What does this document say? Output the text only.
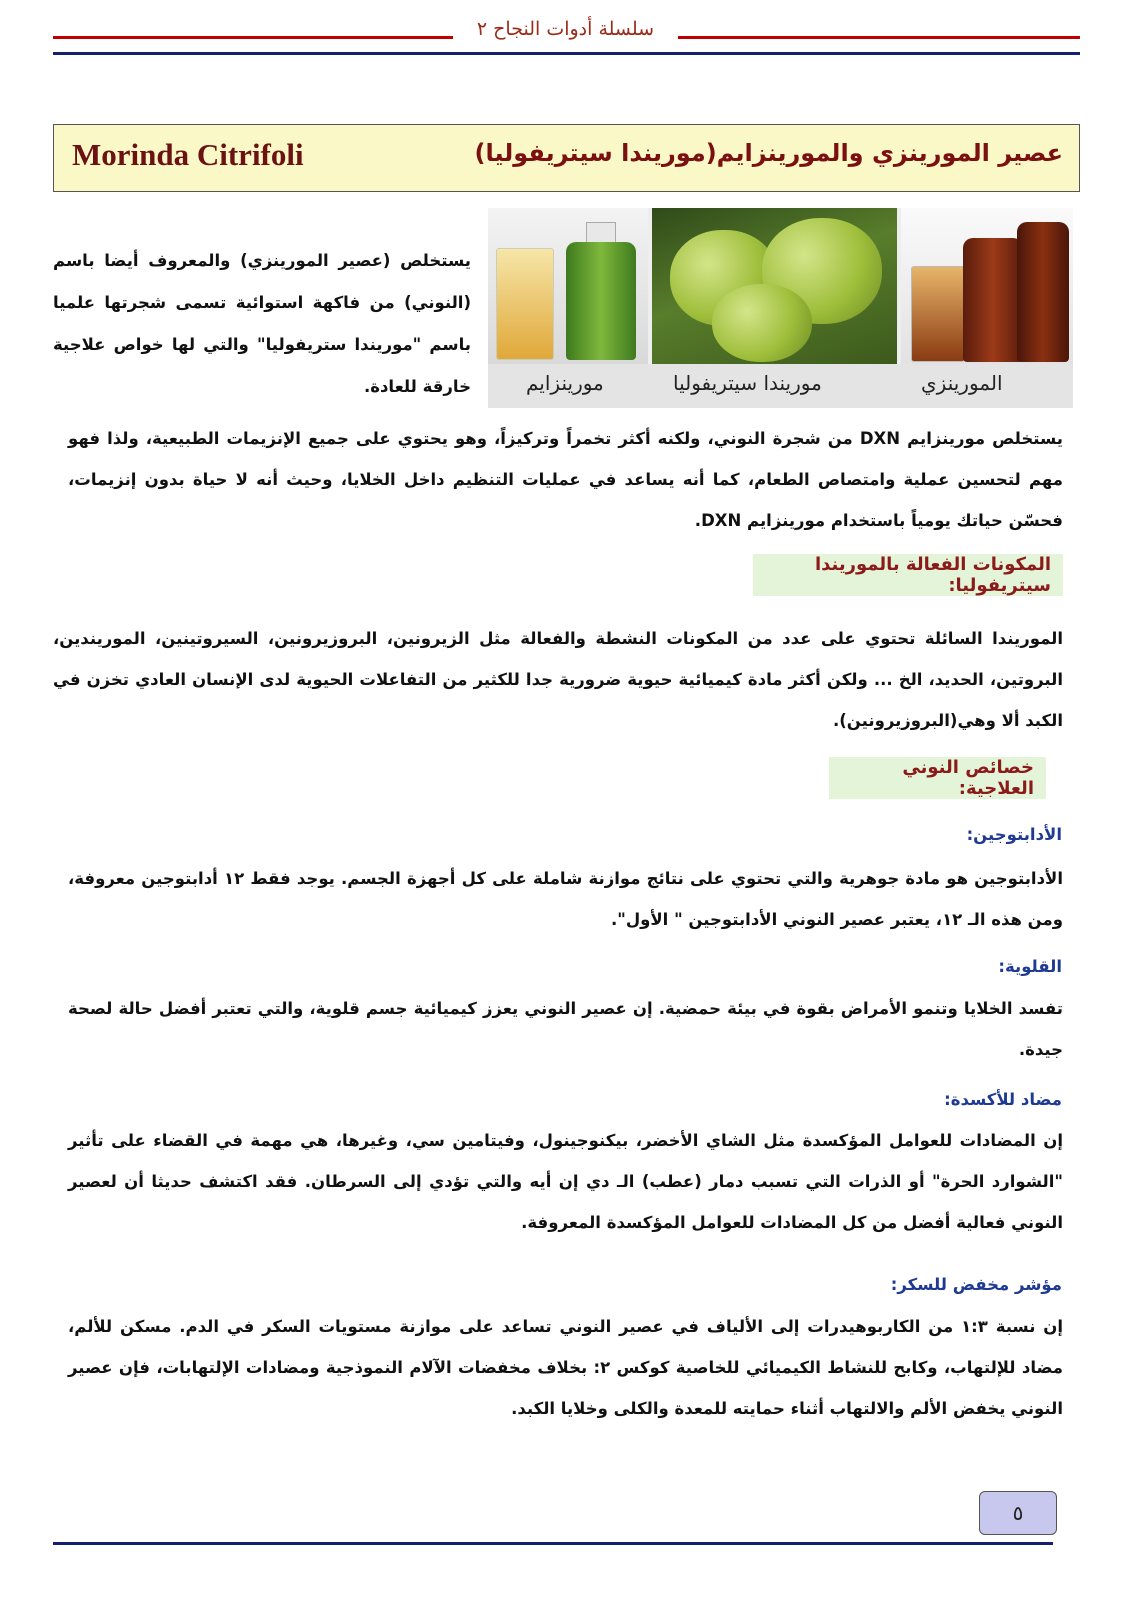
سلسلة أدوات النجاح ٢
عصير المورينزي والمورينزايم(موريندا سيتريفوليا)
Morinda Citrifoli
مورينزايم	موريندا سيتريفوليا	المورينزي

يستخلص (عصير المورينزي) والمعروف أيضا باسم (النوني) من فاكهة استوائية تسمى شجرتها علميا باسم "موريندا ستريفوليا" والتي لها خواص علاجية خارقة للعادة.

يستخلص مورينزايم DXN من شجرة النوني، ولكنه أكثر تخمراً وتركيزاً، وهو يحتوي على جميع الإنزيمات الطبيعية، ولذا فهو مهم لتحسين عملية وامتصاص الطعام، كما أنه يساعد في عمليات التنظيم داخل الخلايا، وحيث أنه لا حياة بدون إنزيمات، فحسّن حياتك يومياً باستخدام مورينزايم DXN.

المكونات الفعالة بالموريندا سيتريفوليا:

الموريندا السائلة تحتوي على عدد من المكونات النشطة والفعالة مثل الزيرونين، البروزيرونين، السيروتينين، الموريندين، البروتين، الحديد، الخ ... ولكن أكثر مادة كيميائية حيوية ضرورية جدا للكثير من التفاعلات الحيوية لدى الإنسان العادي تخزن في الكبد ألا وهي(البروزيرونين).

خصائص النوني العلاجية:
الأدابتوجين:

الأدابتوجين هو مادة جوهرية والتي تحتوي على نتائج موازنة شاملة على كل أجهزة الجسم. يوجد فقط ١٢ أدابتوجين معروفة، ومن هذه الـ ١٢، يعتبر عصير النوني الأدابتوجين " الأول".

القلوية:

تفسد الخلايا وتنمو الأمراض بقوة في بيئة حمضية. إن عصير النوني يعزز كيميائية جسم قلوية، والتي تعتبر أفضل حالة لصحة جيدة.

مضاد للأكسدة:

إن المضادات للعوامل المؤكسدة مثل الشاي الأخضر، بيكنوجينول، وفيتامين سي، وغيرها، هي مهمة في القضاء على تأثير "الشوارد الحرة" أو الذرات التي تسبب دمار (عطب) الـ دي إن أيه والتي تؤدي إلى السرطان. فقد اكتشف حديثا أن لعصير النوني فعالية أفضل من كل المضادات للعوامل المؤكسدة المعروفة.

مؤشر مخفض للسكر:

إن نسبة ١:٣ من الكاربوهيدرات إلى الألياف في عصير النوني تساعد على موازنة مستويات السكر في الدم. مسكن للألم، مضاد للإلتهاب، وكابح للنشاط الكيميائي للخاصية كوكس ٢: بخلاف مخفضات الآلام النموذجية ومضادات الإلتهابات، فإن عصير النوني يخفض الألم والالتهاب أثناء حمايته للمعدة والكلى وخلايا الكبد.

٥
